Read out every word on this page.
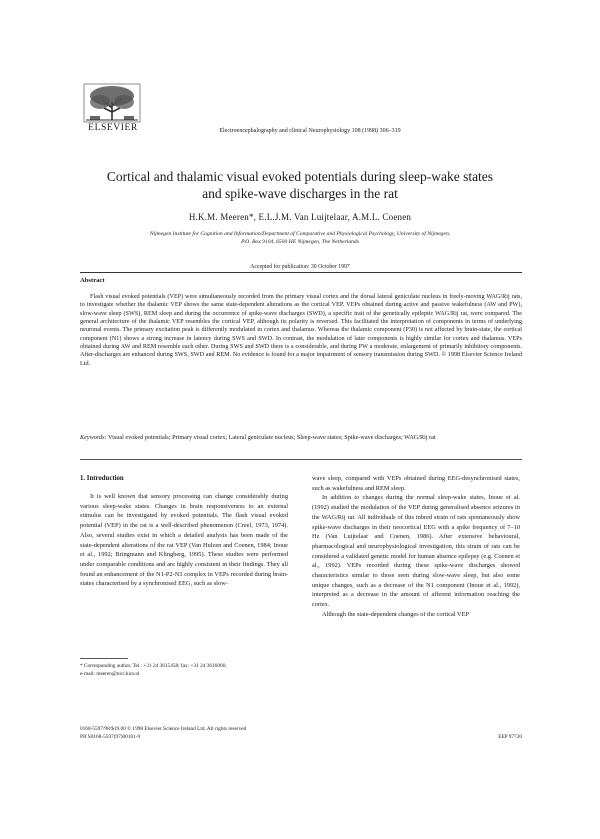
ELSEVIER	Electroencephalography and clinical Neurophysiology 108 (1998) 306–319
Cortical and thalamic visual evoked potentials during sleep-wake states
and spike-wave discharges in the rat
H.K.M. Meeren*, E.L.J.M. Van Luijtelaar, A.M.L. Coenen
Nijmegen Institute for Cognition and Information/Department of Comparative and Physiological Psychology, University of Nijmegen,
P.O. Box 9104, 6500 HE Nijmegen, The Netherlands
Accepted for publication: 30 October 1997
Abstract
Flash visual evoked potentials (VEP) were simultaneously recorded from the primary visual cortex and the dorsal lateral geniculate nucleus in freely-moving WAG/Rij rats, to investigate whether the thalamic VEP shows the same state-dependent alterations as the cortical VEP. VEPs obtained during active and passive wakefulness (AW and PW), slow-wave sleep (SWS), REM sleep and during the occurrence of spike-wave discharges (SWD), a specific trait of the genetically epileptic WAG/Rij rat, were compared. The general architecture of the thalamic VEP resembles the cortical VEP, although its polarity is reversed. This facilitated the interpretation of components in terms of underlying neuronal events. The primary excitation peak is differently modulated in cortex and thalamus. Whereas the thalamic component (P30) is not affected by brain-state, the cortical component (N1) shows a strong increase in latency during SWS and SWD. In contrast, the modulation of later components is highly similar for cortex and thalamus. VEPs obtained during AW and REM resemble each other. During SWS and SWD there is a considerable, and during PW a moderate, enlargement of primarily inhibitory components. After-discharges are enhanced during SWS, SWD and REM. No evidence is found for a major impairment of sensory transmission during SWD. © 1998 Elsevier Science Ireland Ltd.
Keywords: Visual evoked potentials; Primary visual cortex; Lateral geniculate nucleus; Sleep-wave states; Spike-wave discharges; WAG/Rij rat
1. Introduction
It is well known that sensory processing can change considerably during various sleep-wake states. Changes in brain responsiveness to an external stimulus can be investigated by evoked potentials. The flash visual evoked potential (VEP) in the rat is a well-described phenomenon (Creel, 1973, 1974). Also, several studies exist in which a detailed analysis has been made of the state-dependent alterations of the rat VEP (Van Hulzen and Coenen, 1984; Inoue et al., 1992; Bringmann and Klingberg, 1995). These studies were performed under comparable conditions and are highly consistent in their findings. They all found an enhancement of the N1-P2-N3 complex in VEPs recorded during brain-states characterised by a synchronised EEG, such as slow-

wave sleep, compared with VEPs obtained during EEG-desynchronised states, such as wakefulness and REM sleep.

In addition to changes during the normal sleep-wake states, Inoue et al. (1992) studied the modulation of the VEP during generalised absence seizures in the WAG/Rij rat. All individuals of this inbred strain of rats spontaneously show spike-wave discharges in their neocortical EEG with a spike frequency of 7–10 Hz (Van Luijtelaar and Coenen, 1986). After extensive behavioural, pharmacological and neurophysiological investigation, this strain of rats can be considered a validated genetic model for human absence epilepsy (e.g. Coenen et al., 1992). VEPs recorded during these spike-wave discharges showed characteristics similar to those seen during slow-wave sleep, but also some unique changes, such as a decrease of the N1 component (Inoue et al., 1992), interpreted as a decrease in the amount of afferent information reaching the cortex.

Although the state-dependent changes of the cortical VEP

* Corresponding author. Tel.: +31 24 3615458; fax: +31 24 3616066;
e-mail: meeren@nici.kun.nl
0168-5597/98/$19.00 © 1998 Elsevier Science Ireland Ltd. All rights reserved
PII S0168-5597(97)00101-9	EEP 97720
